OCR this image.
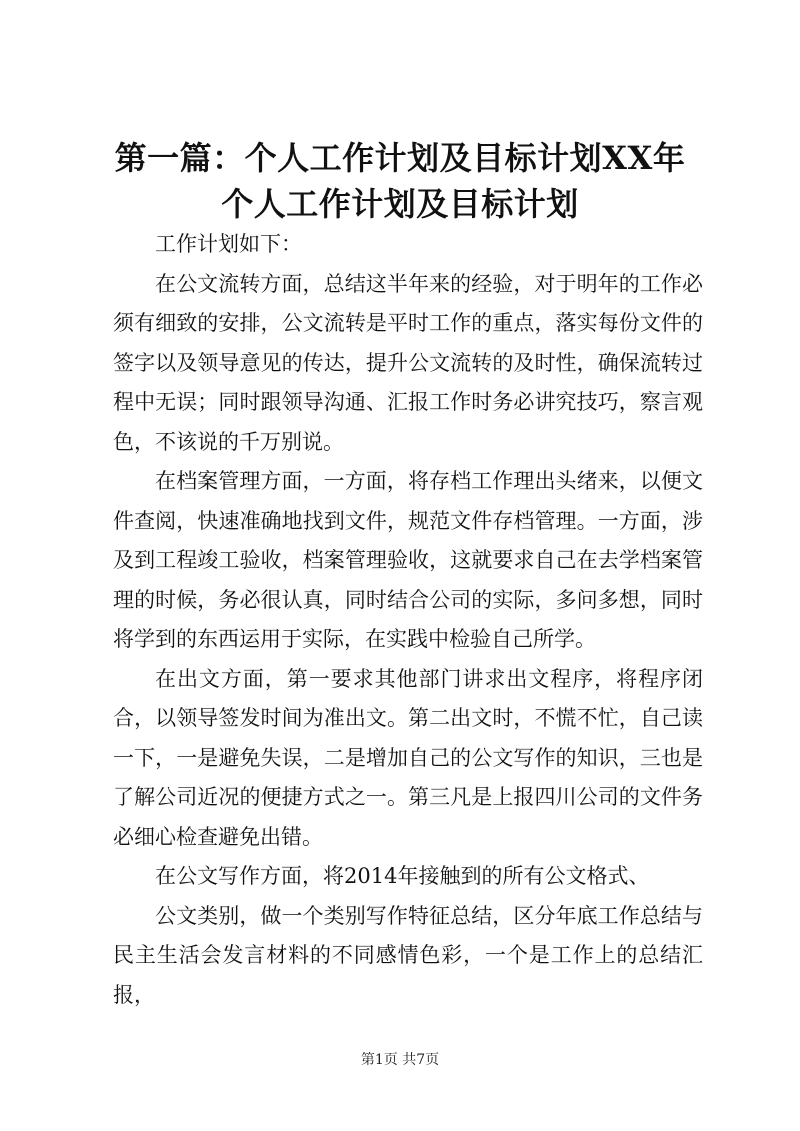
第一篇：个人工作计划及目标计划XX年个人工作计划及目标计划

工作计划如下：

在公文流转方面，总结这半年来的经验，对于明年的工作必须有细致的安排，公文流转是平时工作的重点，落实每份文件的签字以及领导意见的传达，提升公文流转的及时性，确保流转过程中无误；同时跟领导沟通、汇报工作时务必讲究技巧，察言观色，不该说的千万别说。

在档案管理方面，一方面，将存档工作理出头绪来，以便文件查阅，快速准确地找到文件，规范文件存档管理。一方面，涉及到工程竣工验收，档案管理验收，这就要求自己在去学档案管理的时候，务必很认真，同时结合公司的实际，多问多想，同时将学到的东西运用于实际，在实践中检验自己所学。

在出文方面，第一要求其他部门讲求出文程序，将程序闭合，以领导签发时间为准出文。第二出文时，不慌不忙，自己读一下，一是避免失误，二是增加自己的公文写作的知识，三也是了解公司近况的便捷方式之一。第三凡是上报四川公司的文件务必细心检查避免出错。

在公文写作方面，将2014年接触到的所有公文格式、

公文类别，做一个类别写作特征总结，区分年底工作总结与民主生活会发言材料的不同感情色彩，一个是工作上的总结汇报，

第1页 共7页
